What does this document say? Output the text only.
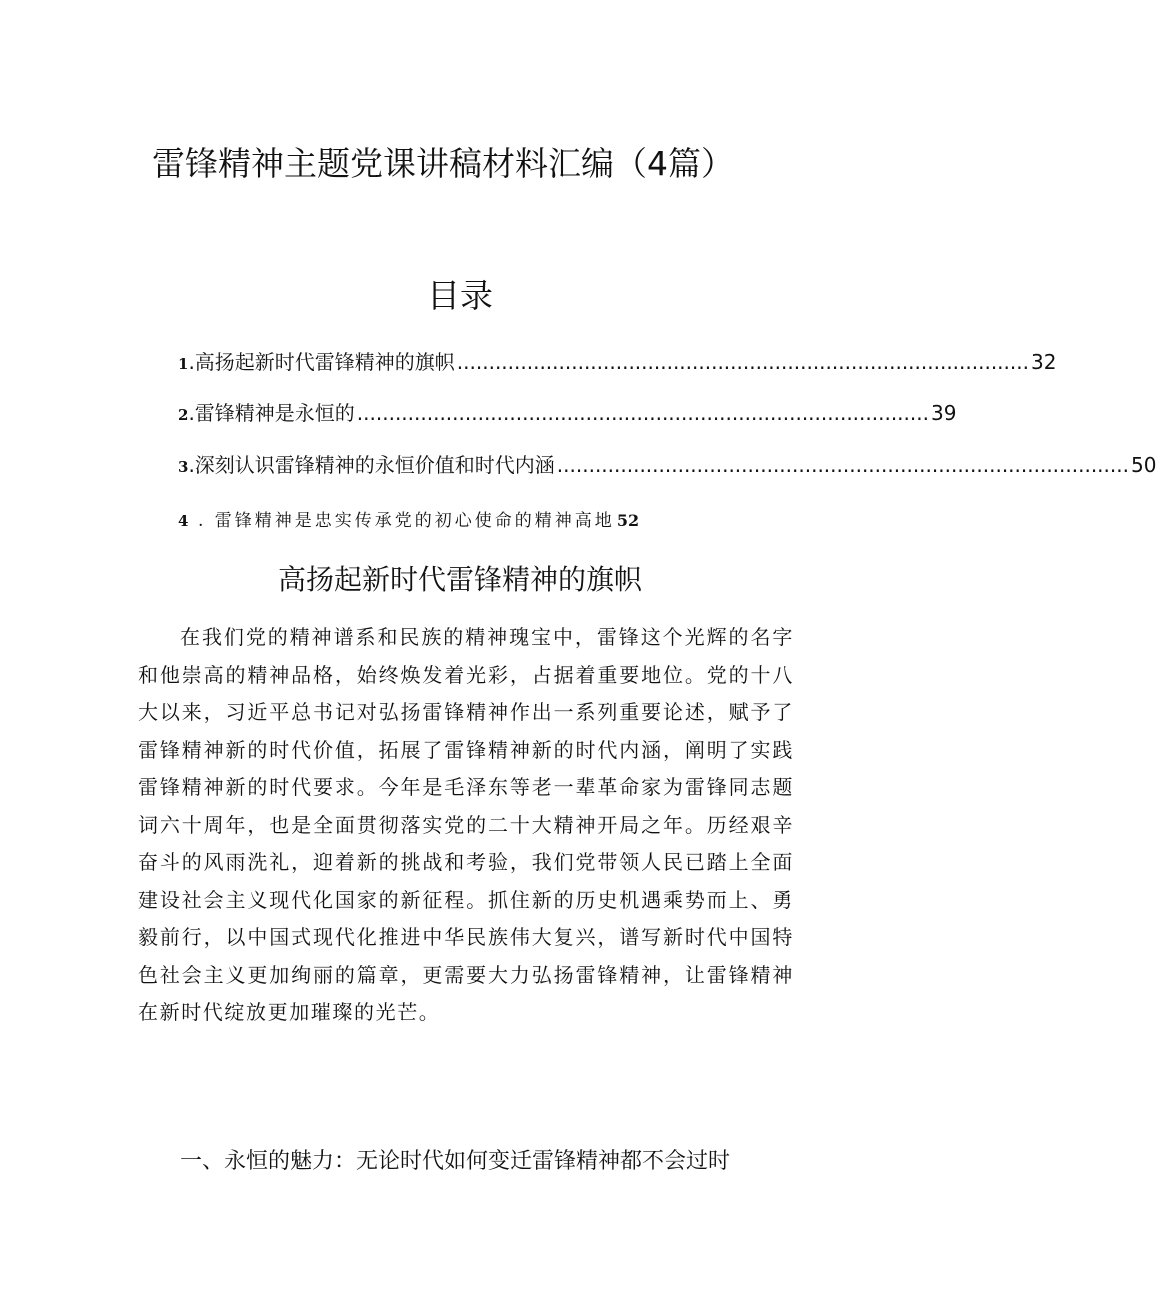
雷锋精神主题党课讲稿材料汇编（4篇）
目录
1 .高扬起新时代雷锋精神的旗帜 .......................................................................................... 32
2 .雷锋精神是永恒的 .......................................................................................... 39
3 .深刻认识雷锋精神的永恒价值和时代内涵 .......................................................................................... 50
4 . 雷锋精神是忠实传承党的初心使命的精神高地 52
高扬起新时代雷锋精神的旗帜
在我们党的精神谱系和民族的精神瑰宝中，雷锋这个光辉的名字和他崇高的精神品格，始终焕发着光彩，占据着重要地位。党的十八大以来，习近平总书记对弘扬雷锋精神作出一系列重要论述，赋予了雷锋精神新的时代价值，拓展了雷锋精神新的时代内涵，阐明了实践雷锋精神新的时代要求。今年是毛泽东等老一辈革命家为雷锋同志题词六十周年，也是全面贯彻落实党的二十大精神开局之年。历经艰辛奋斗的风雨洗礼，迎着新的挑战和考验，我们党带领人民已踏上全面建设社会主义现代化国家的新征程。抓住新的历史机遇乘势而上、勇毅前行，以中国式现代化推进中华民族伟大复兴，谱写新时代中国特色社会主义更加绚丽的篇章，更需要大力弘扬雷锋精神，让雷锋精神在新时代绽放更加璀璨的光芒。
一、永恒的魅力：无论时代如何变迁雷锋精神都不会过时
